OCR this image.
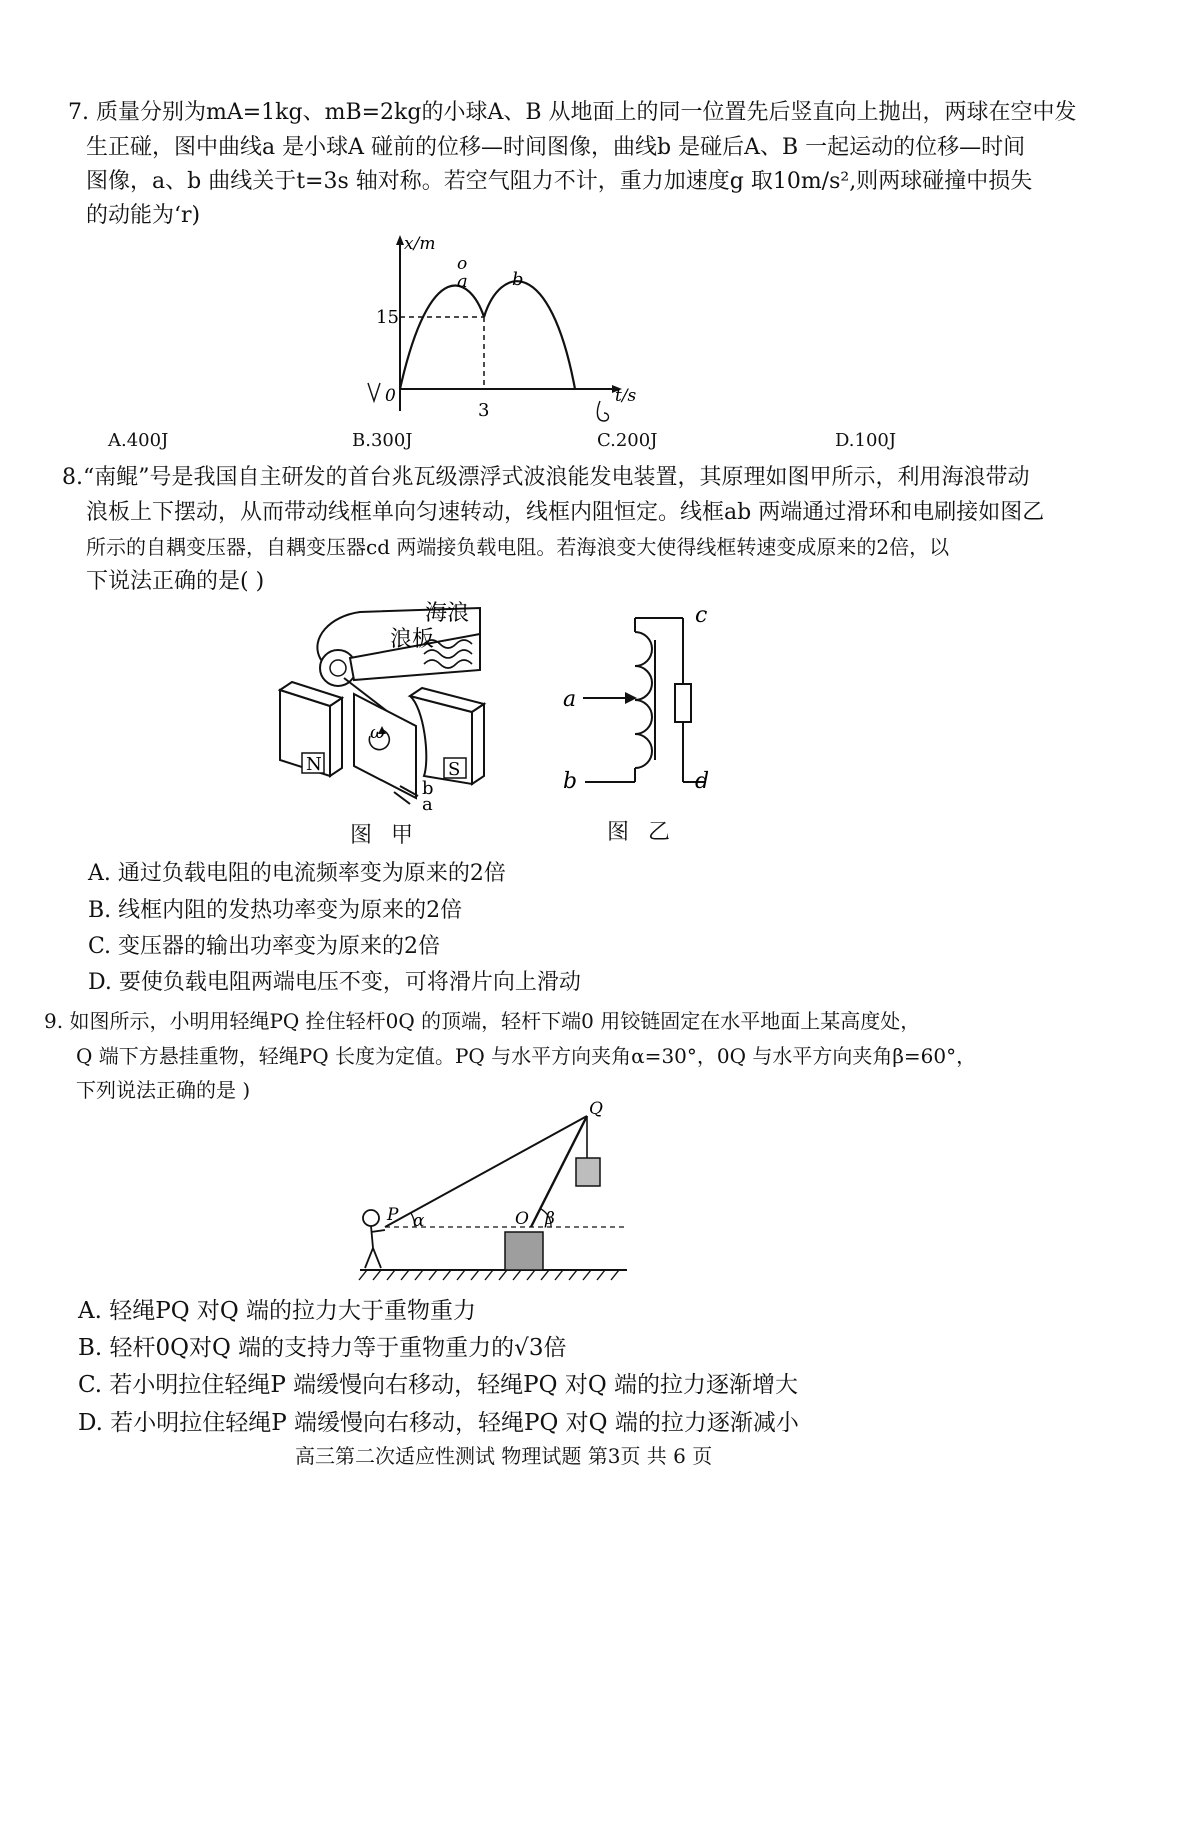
7. 质量分别为mA=1kg、mB=2kg的小球A、B 从地面上的同一位置先后竖直向上抛出，两球在空中发
生正碰，图中曲线a 是小球A 碰前的位移—时间图像，曲线b 是碰后A、B 一起运动的位移—时间
图像，a、b 曲线关于t=3s 轴对称。若空气阻力不计，重力加速度g 取10m/s²,则两球碰撞中损失
的动能为‘r)
x/m
t/s
15
3
0
o
a b
A.400J	B.300J	C.200J	D.100J
8.“南鲲”号是我国自主研发的首台兆瓦级漂浮式波浪能发电装置，其原理如图甲所示，利用海浪带动
浪板上下摆动，从而带动线框单向匀速转动，线框内阻恒定。线框ab 两端通过滑环和电刷接如图乙
所示的自耦变压器，自耦变压器cd 两端接负载电阻。若海浪变大使得线框转速变成原来的2倍，以
下说法正确的是( )
浪板
海浪
N
ω
b
a
S
图 甲
a
b
c
d
图 乙
A. 通过负载电阻的电流频率变为原来的2倍
B. 线框内阻的发热功率变为原来的2倍
C. 变压器的输出功率变为原来的2倍
D. 要使负载电阻两端电压不变，可将滑片向上滑动
9. 如图所示，小明用轻绳PQ 拴住轻杆0Q 的顶端，轻杆下端0 用铰链固定在水平地面上某高度处，
Q 端下方悬挂重物，轻绳PQ 长度为定值。PQ 与水平方向夹角α=30°，0Q 与水平方向夹角β=60°，
下列说法正确的是 )
P α
Q
O β
A. 轻绳PQ 对Q 端的拉力大于重物重力
B. 轻杆0Q对Q 端的支持力等于重物重力的√3倍
C. 若小明拉住轻绳P 端缓慢向右移动，轻绳PQ 对Q 端的拉力逐渐增大
D. 若小明拉住轻绳P 端缓慢向右移动，轻绳PQ 对Q 端的拉力逐渐减小
高三第二次适应性测试 物理试题 第3页 共 6 页
